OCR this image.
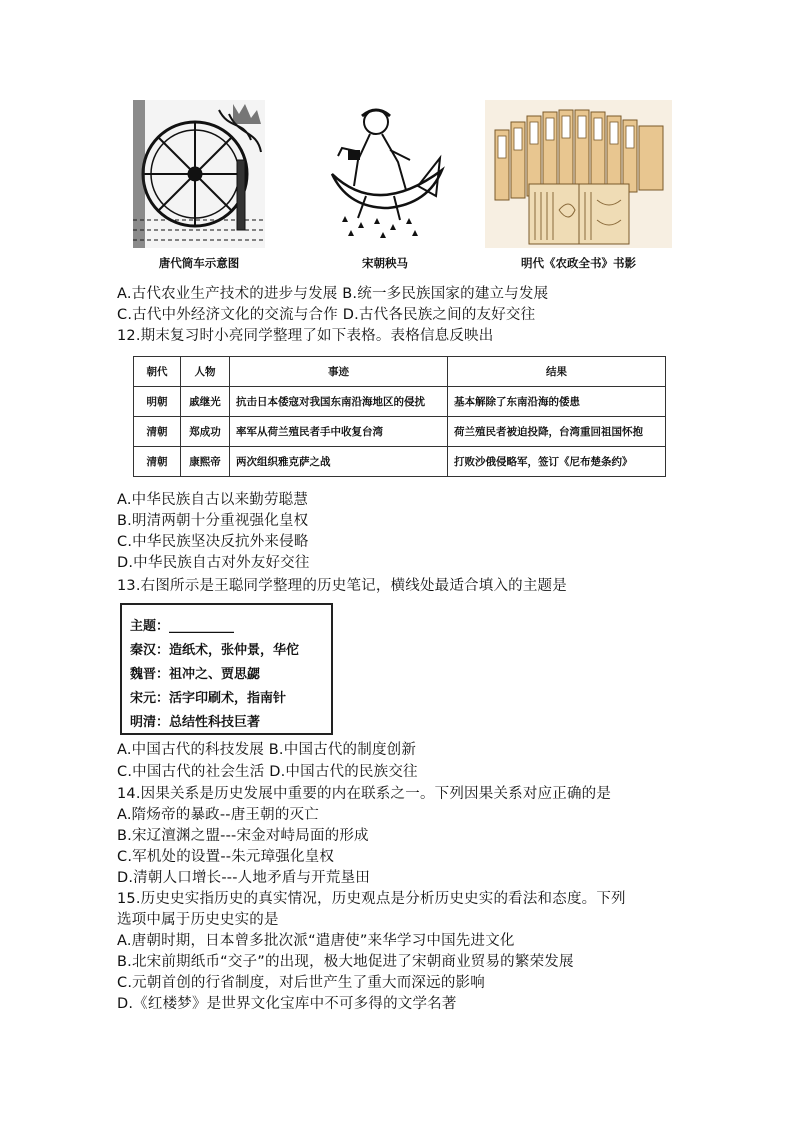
唐代筒车示意图	宋朝秧马	明代《农政全书》书影
A.古代农业生产技术的进步与发展 B.统一多民族国家的建立与发展
C.古代中外经济文化的交流与合作 D.古代各民族之间的友好交往
12.期末复习时小亮同学整理了如下表格。表格信息反映出
朝代	人物	事迹	结果
明朝	戚继光	抗击日本倭寇对我国东南沿海地区的侵扰	基本解除了东南沿海的倭患
清朝	郑成功	率军从荷兰殖民者手中收复台湾	荷兰殖民者被迫投降，台湾重回祖国怀抱
清朝	康熙帝	两次组织雅克萨之战	打败沙俄侵略军，签订《尼布楚条约》
A.中华民族自古以来勤劳聪慧
B.明清两朝十分重视强化皇权
C.中华民族坚决反抗外来侵略
D.中华民族自古对外友好交往
13.右图所示是王聪同学整理的历史笔记，横线处最适合填入的主题是
主题：__________
秦汉：造纸术，张仲景，华佗
魏晋：祖冲之、贾思勰
宋元：活字印刷术，指南针
明清：总结性科技巨著
A.中国古代的科技发展 B.中国古代的制度创新
C.中国古代的社会生活 D.中国古代的民族交往
14.因果关系是历史发展中重要的内在联系之一。下列因果关系对应正确的是
A.隋炀帝的暴政--唐王朝的灭亡
B.宋辽澶渊之盟---宋金对峙局面的形成
C.军机处的设置--朱元璋强化皇权
D.清朝人口增长---人地矛盾与开荒垦田
15.历史史实指历史的真实情况，历史观点是分析历史史实的看法和态度。下列
选项中属于历史史实的是
A.唐朝时期，日本曾多批次派“遣唐使”来华学习中国先进文化
B.北宋前期纸币“交子”的出现，极大地促进了宋朝商业贸易的繁荣发展
C.元朝首创的行省制度，对后世产生了重大而深远的影响
D.《红楼梦》是世界文化宝库中不可多得的文学名著
